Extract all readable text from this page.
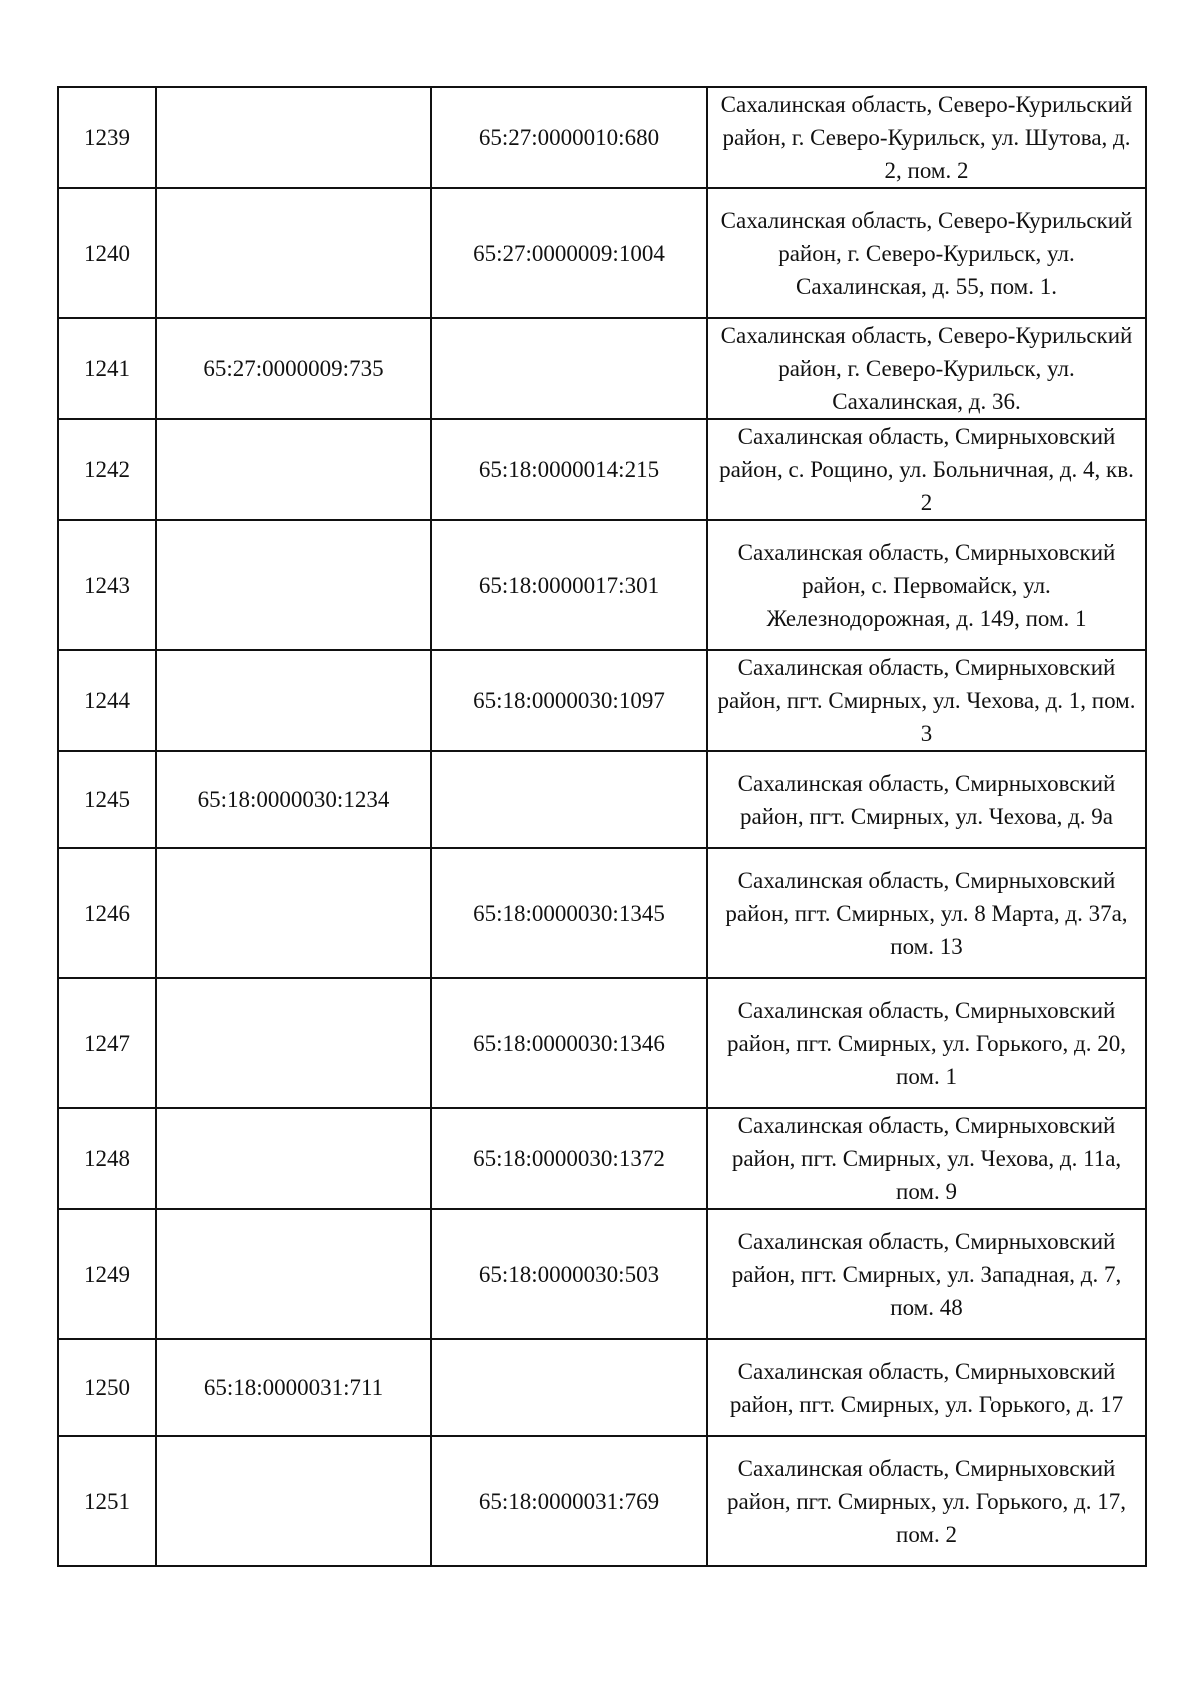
1239		65:27:0000010:680	Сахалинская область, Северо-Курильский район, г. Северо-Курильск, ул. Шутова, д. 2, пом. 2
1240		65:27:0000009:1004	Сахалинская область, Северо-Курильский район, г. Северо-Курильск, ул. Сахалинская, д. 55, пом. 1.
1241	65:27:0000009:735		Сахалинская область, Северо-Курильский район, г. Северо-Курильск, ул. Сахалинская, д. 36.
1242		65:18:0000014:215	Сахалинская область, Смирныховский район, с. Рощино, ул. Больничная, д. 4, кв. 2
1243		65:18:0000017:301	Сахалинская область, Смирныховский район, с. Первомайск, ул. Железнодорожная, д. 149, пом. 1
1244		65:18:0000030:1097	Сахалинская область, Смирныховский район, пгт. Смирных, ул. Чехова, д. 1, пом. 3
1245	65:18:0000030:1234		Сахалинская область, Смирныховский район, пгт. Смирных, ул. Чехова, д. 9а
1246		65:18:0000030:1345	Сахалинская область, Смирныховский район, пгт. Смирных, ул. 8 Марта, д. 37а, пом. 13
1247		65:18:0000030:1346	Сахалинская область, Смирныховский район, пгт. Смирных, ул. Горького, д. 20, пом. 1
1248		65:18:0000030:1372	Сахалинская область, Смирныховский район, пгт. Смирных, ул. Чехова, д. 11а, пом. 9
1249		65:18:0000030:503	Сахалинская область, Смирныховский район, пгт. Смирных, ул. Западная, д. 7, пом. 48
1250	65:18:0000031:711		Сахалинская область, Смирныховский район, пгт. Смирных, ул. Горького, д. 17
1251		65:18:0000031:769	Сахалинская область, Смирныховский район, пгт. Смирных, ул. Горького, д. 17, пом. 2
